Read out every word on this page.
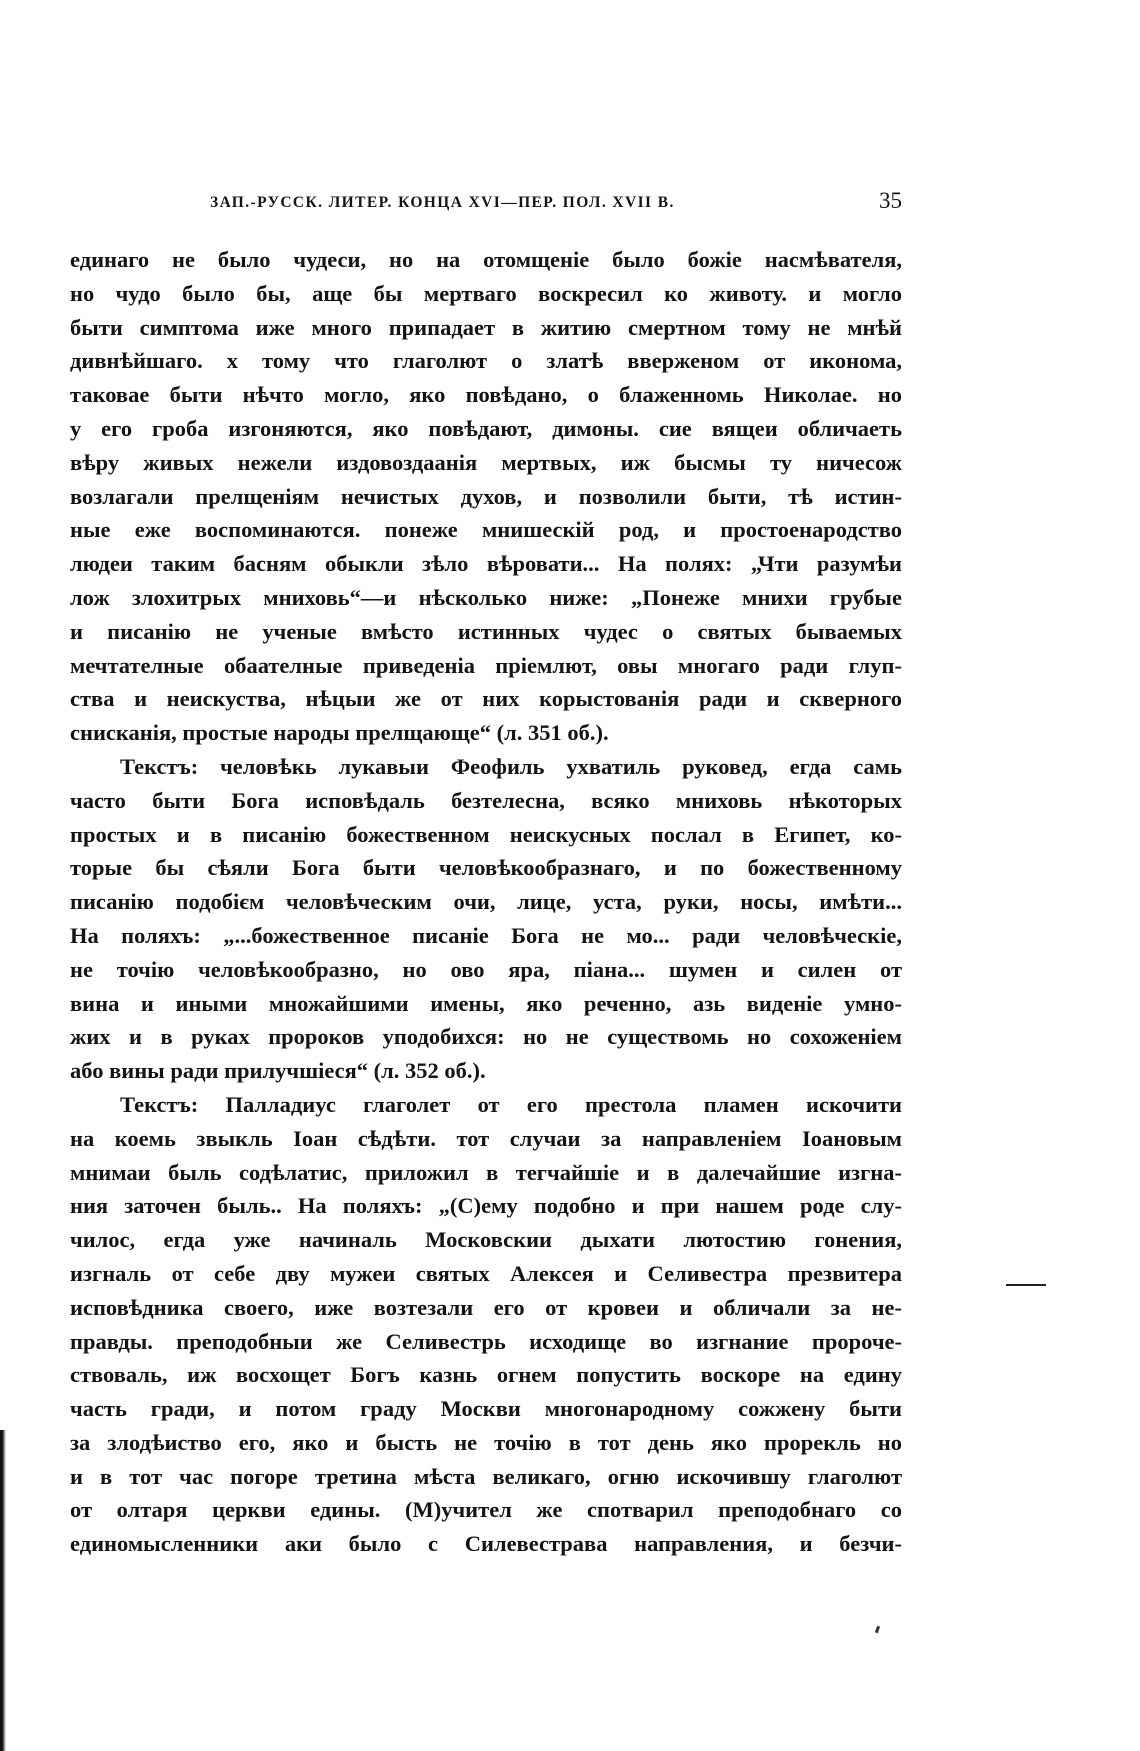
ЗАП.-РУССК. ЛИТЕР. КОНЦА XVI—ПЕР. ПОЛ. XVII В.	35
единаго не было чудеси, но на отомщеніе было божіе насмѣвателя,
но чудо было бы, аще бы мертваго воскресил ко животу. и могло
быти симптома иже много припадает в житию смертном тому не мнѣй
дивнѣйшаго. х тому что глаголют о златѣ вверженом от иконома,
таковае быти нѣчто могло, яко повѣдано, о блаженномь Николае. но
у его гроба изгоняются, яко повѣдают, димоны. сие вящеи обличаеть
вѣру живых нежели издовоздаанія мертвых, иж бысмы ту ничесож
возлагали прелщеніям нечистых духов, и позволили быти, тѣ истин-
ные еже воспоминаются. понеже мнишескій род, и простоенародство
людеи таким басням обыкли зѣло вѣровати... На полях: „Чти разумѣи
лож злохитрых мниховь“—и нѣсколько ниже: „Понеже мнихи грубые
и писанію не ученые вмѣсто истинных чудес о святых бываемых
мечтателные обаателные приведеніа пріемлют, овы многаго ради глуп-
ства и неискуства, нѣцыи же от них корыстованія ради и скверного
снисканія, простые народы прелщающе“ (л. 351 об.).
Текстъ: человѣкь лукавыи Феофиль ухватиль руковед, егда самь
часто быти Бога исповѣдаль безтелесна, всяко мниховь нѣкоторых
простых и в писанію божественном неискусных послал в Египет, ко-
торые бы сѣяли Бога быти человѣкообразнаго, и по божественному
писанію подобієм человѣческим очи, лице, уста, руки, носы, имѣти...
На поляхъ: „...божественное писаніе Бога не мо... ради человѣческіе,
не точію человѣкообразно, но ово яра, піана... шумен и силен от
вина и иными множайшими имены, яко реченно, азь виденіе умно-
жих и в руках пророков уподобихся: но не существомь но сохоженіем
або вины ради прилучшіеся“ (л. 352 об.).
Текстъ: Палладиус глаголет от его престола пламен искочити
на коемь звыкль Іоан сѣдѣти. тот случаи за направленіем Іоановым
мнимаи быль содѣлатис, приложил в тегчайшіе и в далечайшие изгна-
ния заточен быль.. На поляхъ: „(С)ему подобно и при нашем роде слу-
чилос, егда уже начиналь Московскии дыхати лютостию гонения,
изгналь от себе дву мужеи святых Алексея и Селивестра презвитера
исповѣдника своего, иже возтезали его от кровеи и обличали за не-
правды. преподобныи же Селивестрь исходище во изгнание пророче-
ствоваль, иж восхощет Богъ казнь огнем попустить воскоре на едину
часть гради, и потом граду Москви многонародному сожжену быти
за злодѣиство его, яко и бысть не точію в тот день яко прорекль но
и в тот час погоре третина мѣста великаго, огню искочившу глаголют
от олтаря церкви едины. (М)учител же спотварил преподобнаго со
единомысленники аки было с Силевестрава направления, и безчи-
